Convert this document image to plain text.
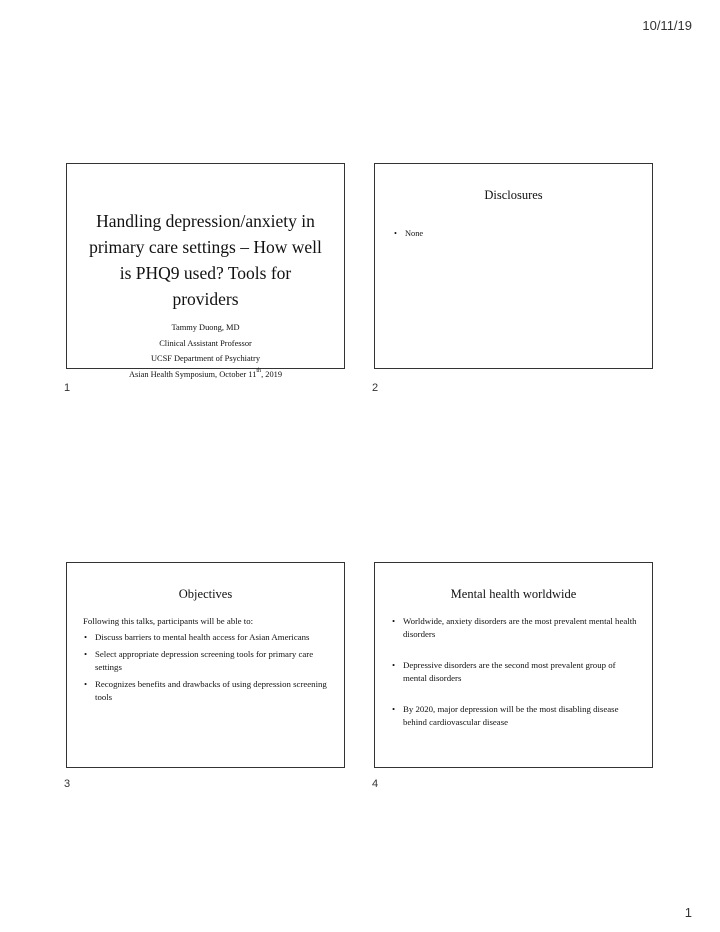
10/11/19
Handling depression/anxiety in primary care settings – How well is PHQ9 used? Tools for providers
Tammy Duong, MD
Clinical Assistant Professor
UCSF Department of Psychiatry
Asian Health Symposium, October 11th, 2019
1
Disclosures
• None
2
Objectives
Following this talks, participants will be able to:
• Discuss barriers to mental health access for Asian Americans
• Select appropriate depression screening tools for primary care settings
• Recognizes benefits and drawbacks of using depression screening tools
3
Mental health worldwide
• Worldwide, anxiety disorders are the most prevalent mental health disorders
• Depressive disorders are the second most prevalent group of mental disorders
• By 2020, major depression will be the most disabling disease behind cardiovascular disease
4
1
